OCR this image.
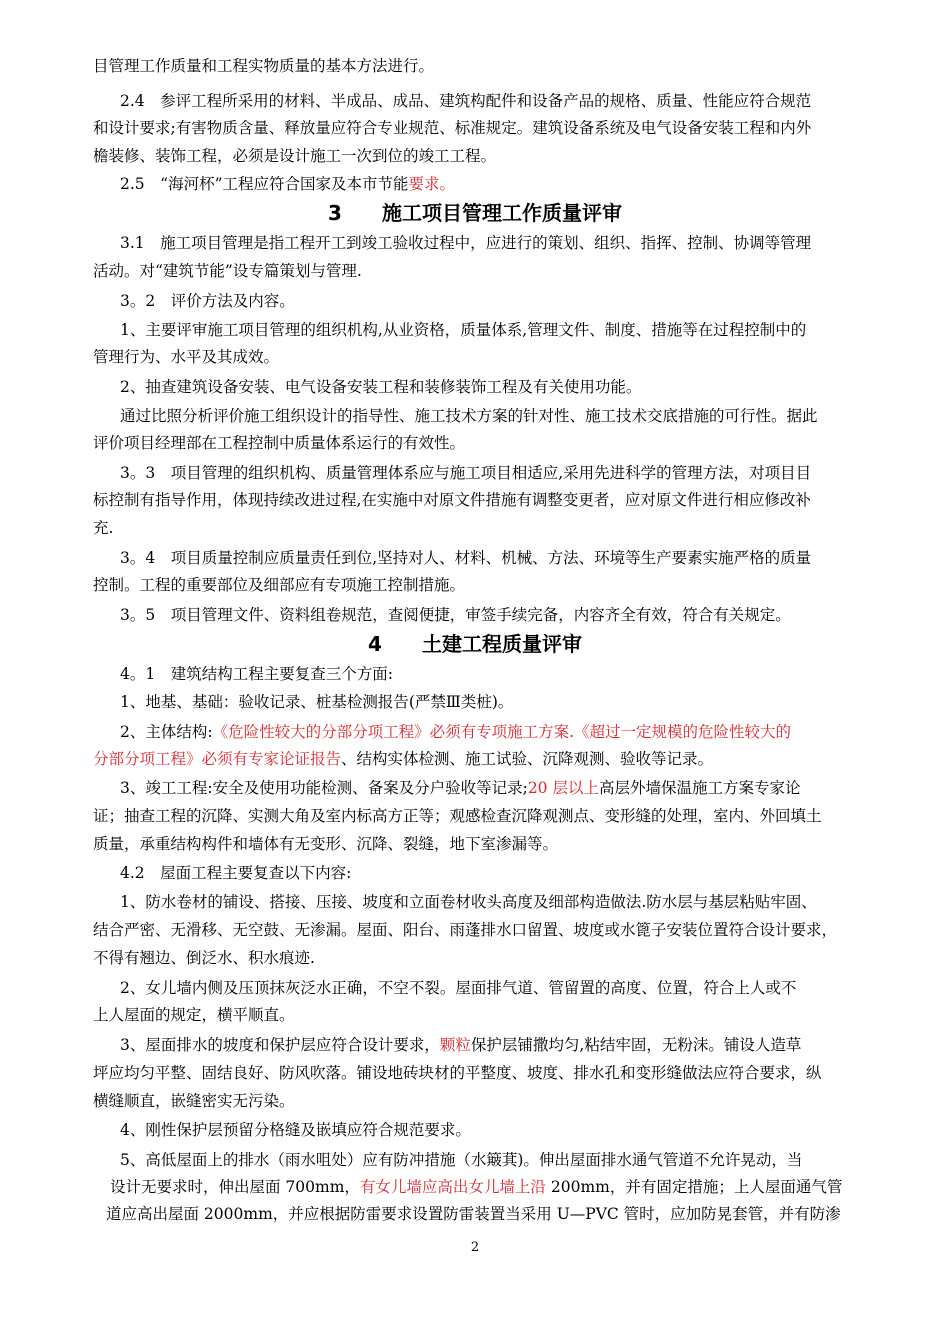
目管理工作质量和工程实物质量的基本方法进行。
2.4　参评工程所采用的材料、半成品、成品、建筑构配件和设备产品的规格、质量、性能应符合规范
和设计要求;有害物质含量、释放量应符合专业规范、标准规定。建筑设备系统及电气设备安装工程和内外
檐装修、装饰工程，必须是设计施工一次到位的竣工工程。
2.5　“海河杯”工程应符合国家及本市节能要求。
3　　施工项目管理工作质量评审
3.1　施工项目管理是指工程开工到竣工验收过程中，应进行的策划、组织、指挥、控制、协调等管理
活动。对“建筑节能”设专篇策划与管理.
3。2　评价方法及内容。
1、主要评审施工项目管理的组织机构,从业资格，质量体系,管理文件、制度、措施等在过程控制中的
管理行为、水平及其成效。
2、抽查建筑设备安装、电气设备安装工程和装修装饰工程及有关使用功能。
通过比照分析评价施工组织设计的指导性、施工技术方案的针对性、施工技术交底措施的可行性。据此
评价项目经理部在工程控制中质量体系运行的有效性。
3。3　项目管理的组织机构、质量管理体系应与施工项目相适应,采用先进科学的管理方法，对项目目
标控制有指导作用，体现持续改进过程,在实施中对原文件措施有调整变更者，应对原文件进行相应修改补
充.
3。4　项目质量控制应质量责任到位,坚持对人、材料、机械、方法、环境等生产要素实施严格的质量
控制。工程的重要部位及细部应有专项施工控制措施。
3。5　项目管理文件、资料组卷规范，查阅便捷，审签手续完备，内容齐全有效，符合有关规定。
4　　土建工程质量评审
4。1　建筑结构工程主要复查三个方面:
1、地基、基础：验收记录、桩基检测报告(严禁Ⅲ类桩)。
2、主体结构:《危险性较大的分部分项工程》必须有专项施工方案.《超过一定规模的危险性较大的
分部分项工程》必须有专家论证报告、结构实体检测、施工试验、沉降观测、验收等记录。
3、竣工工程:安全及使用功能检测、备案及分户验收等记录;20 层以上高层外墙保温施工方案专家论
证；抽查工程的沉降、实测大角及室内标高方正等；观感检查沉降观测点、变形缝的处理，室内、外回填土
质量，承重结构构件和墙体有无变形、沉降、裂缝，地下室渗漏等。
4.2　屋面工程主要复查以下内容:
1、防水卷材的铺设、搭接、压接、坡度和立面卷材收头高度及细部构造做法.防水层与基层粘贴牢固、
结合严密、无滑移、无空鼓、无渗漏。屋面、阳台、雨蓬排水口留置、坡度或水篦子安装位置符合设计要求，
不得有翘边、倒泛水、积水痕迹.
2、女儿墙内侧及压顶抹灰泛水正确，不空不裂。屋面排气道、管留置的高度、位置，符合上人或不
上人屋面的规定，横平顺直。
3、屋面排水的坡度和保护层应符合设计要求，颗粒保护层铺撒均匀,粘结牢固，无粉沫。铺设人造草
坪应均匀平整、固结良好、防风吹落。铺设地砖块材的平整度、坡度、排水孔和变形缝做法应符合要求，纵
横缝顺直，嵌缝密实无污染。
4、刚性保护层预留分格缝及嵌填应符合规范要求。
5、高低屋面上的排水（雨水咀处）应有防冲措施（水簸萁)。伸出屋面排水通气管道不允许晃动，当
设计无要求时，伸出屋面 700mm，有女儿墙应高出女儿墙上沿 200mm，并有固定措施；上人屋面通气管
道应高出屋面 2000mm，并应根据防雷要求设置防雷装置当采用 U—PVC 管时，应加防晃套管，并有防渗
2
